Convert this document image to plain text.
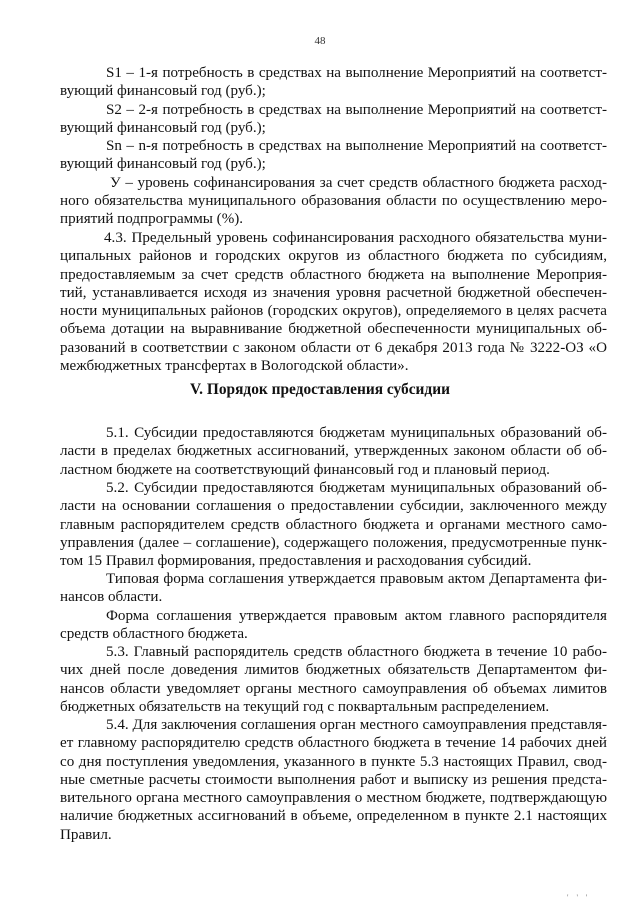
48
S1 – 1-я потребность в средствах на выполнение Мероприятий на соответст-
вующий финансовый год (руб.);
S2 – 2-я потребность в средствах на выполнение Мероприятий на соответст-
вующий финансовый год (руб.);
Sn – n-я потребность в средствах на выполнение Мероприятий на соответст-
вующий финансовый год (руб.);
У – уровень софинансирования за счет средств областного бюджета расход-
ного обязательства муниципального образования области по осуществлению меро-
приятий подпрограммы (%).
4.3. Предельный уровень софинансирования расходного обязательства муни-
ципальных районов и городских округов из областного бюджета по субсидиям,
предоставляемым за счет средств областного бюджета на выполнение Мероприя-
тий, устанавливается исходя из значения уровня расчетной бюджетной обеспечен-
ности муниципальных районов (городских округов), определяемого в целях расчета
объема дотации на выравнивание бюджетной обеспеченности муниципальных об-
разований в соответствии с законом области от 6 декабря 2013 года № 3222-ОЗ «О
межбюджетных трансфертах в Вологодской области».
V. Порядок предоставления субсидии
5.1. Субсидии предоставляются бюджетам муниципальных образований об-
ласти в пределах бюджетных ассигнований, утвержденных законом области об об-
ластном бюджете на соответствующий финансовый год и плановый период.
5.2. Субсидии предоставляются бюджетам муниципальных образований об-
ласти на основании соглашения о предоставлении субсидии, заключенного между
главным распорядителем средств областного бюджета и органами местного само-
управления (далее – соглашение), содержащего положения, предусмотренные пунк-
том 15 Правил формирования, предоставления и расходования субсидий.
Типовая форма соглашения утверждается правовым актом Департамента фи-
нансов области.
Форма соглашения утверждается правовым актом главного распорядителя
средств областного бюджета.
5.3. Главный распорядитель средств областного бюджета в течение 10 рабо-
чих дней после доведения лимитов бюджетных обязательств Департаментом фи-
нансов области уведомляет органы местного самоуправления об объемах лимитов
бюджетных обязательств на текущий год с поквартальным распределением.
5.4. Для заключения соглашения орган местного самоуправления представля-
ет главному распорядителю средств областного бюджета в течение 14 рабочих дней
со дня поступления уведомления, указанного в пункте 5.3 настоящих Правил, свод-
ные сметные расчеты стоимости выполнения работ и выписку из решения предста-
вительного органа местного самоуправления о местном бюджете, подтверждающую
наличие бюджетных ассигнований в объеме, определенном в пункте 2.1 настоящих
Правил.
' ' '
